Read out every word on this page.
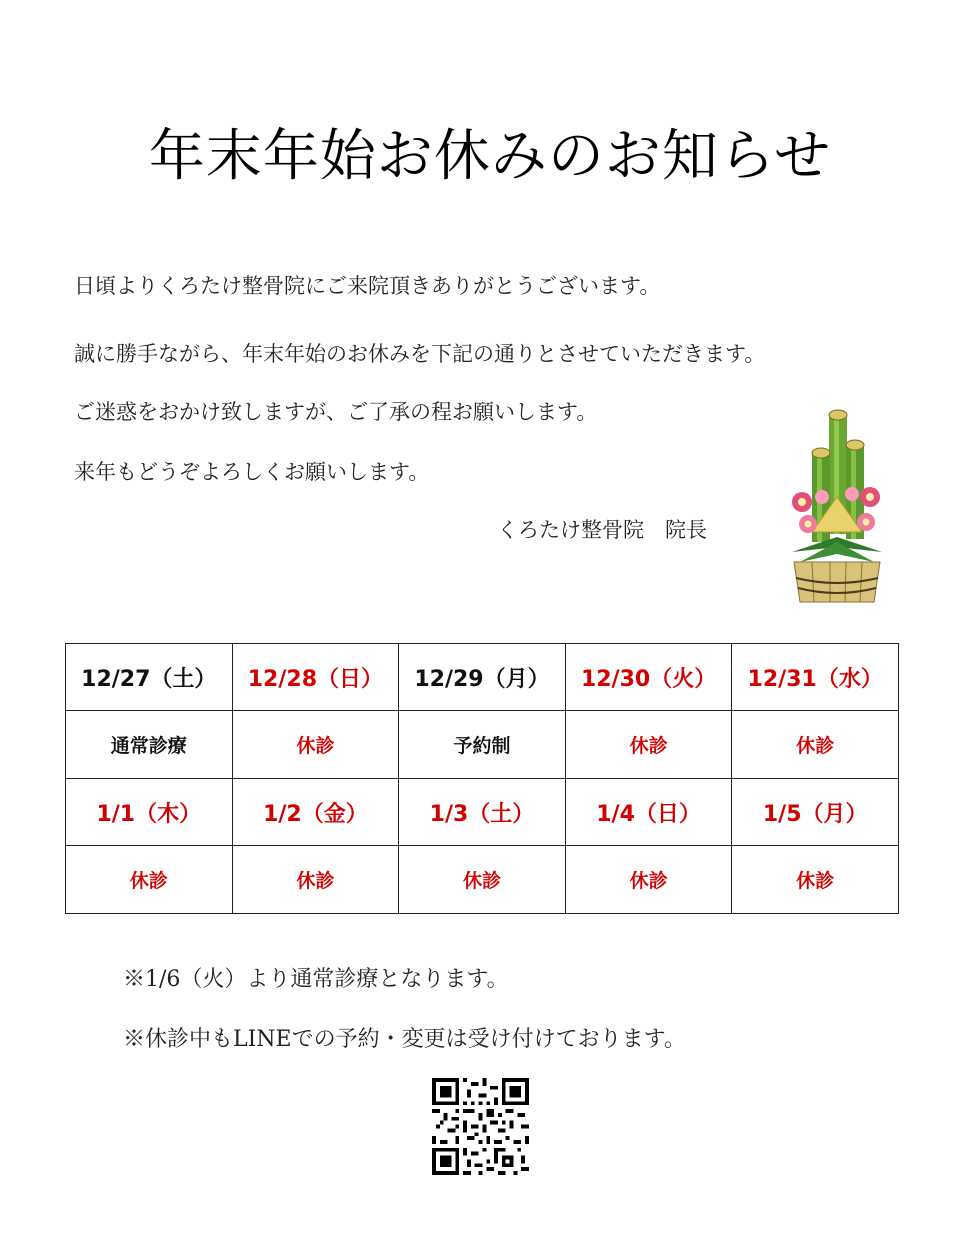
年末年始お休みのお知らせ
日頃よりくろたけ整骨院にご来院頂きありがとうございます。
誠に勝手ながら、年末年始のお休みを下記の通りとさせていただきます。
ご迷惑をおかけ致しますが、ご了承の程お願いします。
来年もどうぞよろしくお願いします。
くろたけ整骨院　院長
12/27（土）	12/28（日）	12/29（月）	12/30（火）	12/31（水）
通常診療	休診	予約制	休診	休診
1/1（木）	1/2（金）	1/3（土）	1/4（日）	1/5（月）
休診	休診	休診	休診	休診
※1/6（火）より通常診療となります。
※休診中もLINEでの予約・変更は受け付けております。
